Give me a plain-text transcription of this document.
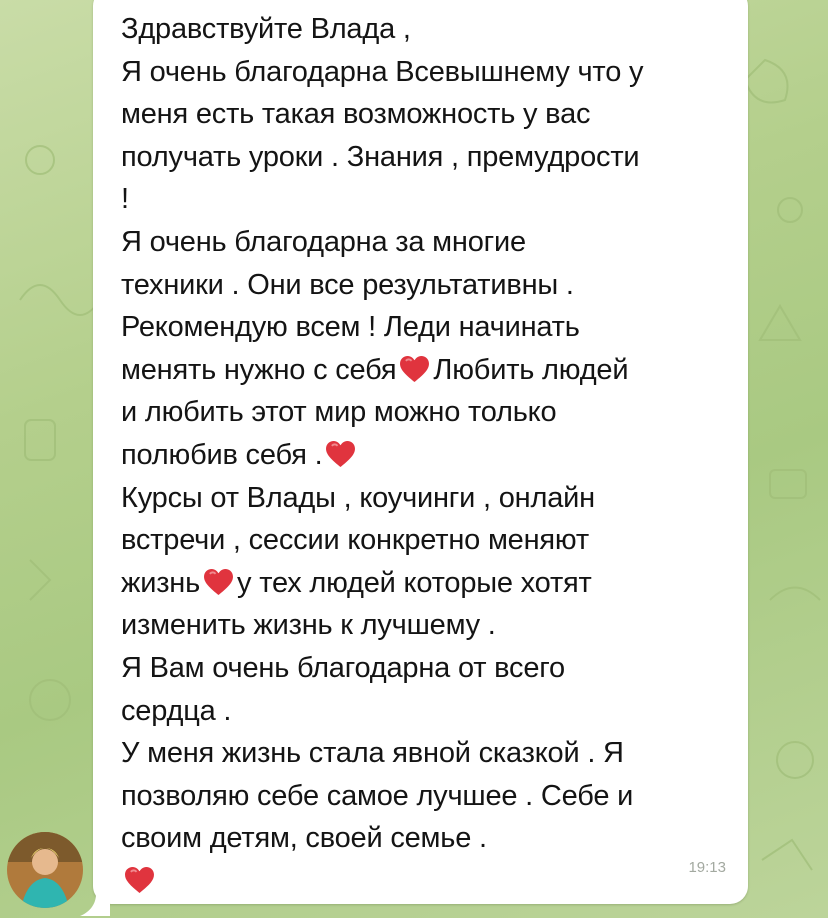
Здравствуйте Влада ,
Я очень благодарна Всевышнему что у
меня есть такая возможность у вас
получать уроки . Знания , премудрости
!
Я очень благодарна за многие
техники . Они все результативны .
Рекомендую всем ! Леди начинать
менять нужно с себя Любить людей
и любить этот мир можно только
полюбив себя .
Курсы от Влады , коучинги , онлайн
встречи , сессии конкретно меняют
жизнь у тех людей которые хотят
изменить жизнь к лучшему .
Я Вам очень благодарна от всего
сердца .
У меня жизнь стала явной сказкой . Я
позволяю себе самое лучшее . Себе и
своим детям, своей семье .

19:13
